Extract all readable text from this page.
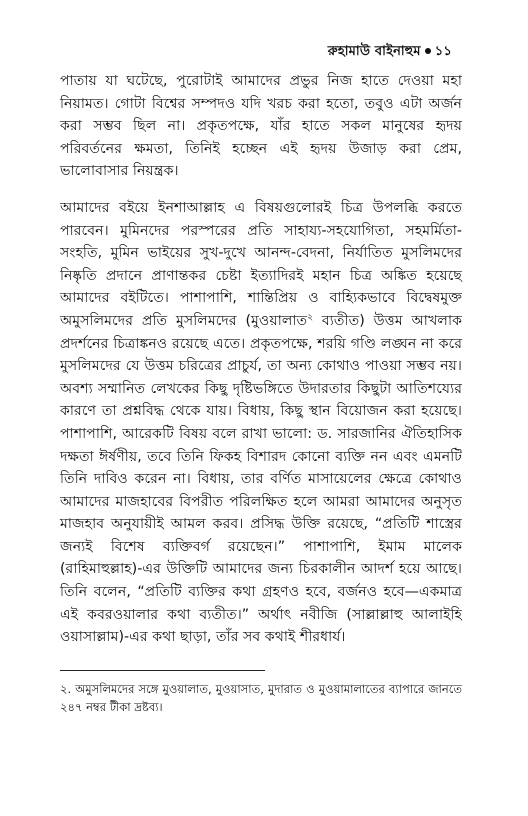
রুহামাউ বাইনাহুম ১১

পাতায় যা ঘটেছে, পুরোটাই আমাদের প্রভুর নিজ হাতে দেওয়া মহা নিয়ামত। গোটা বিশ্বের সম্পদও যদি খরচ করা হতো, তবুও এটা অর্জন করা সম্ভব ছিল না। প্রকৃতপক্ষে, যাঁর হাতে সকল মানুষের হৃদয় পরিবর্তনের ক্ষমতা, তিনিই হচ্ছেন এই হৃদয় উজাড় করা প্রেম, ভালোবাসার নিয়ন্ত্রক।

আমাদের বইয়ে ইনশাআল্লাহ এ বিষয়গুলোরই চিত্র উপলব্ধি করতে পারবেন। মুমিনদের পরস্পরের প্রতি সাহায্য-সহযোগিতা, সহমর্মিতা-সংহতি, মুমিন ভাইয়ের সুখ-দুখে আনন্দ-বেদনা, নির্যাতিত মুসলিমদের নিষ্কৃতি প্রদানে প্রাণান্তকর চেষ্টা ইত্যাদিরই মহান চিত্র অঙ্কিত হয়েছে আমাদের বইটিতে। পাশাপাশি, শান্তিপ্রিয় ও বাহ্যিকভাবে বিদ্বেষমুক্ত অমুসলিমদের প্রতি মুসলিমদের (মুওয়ালাত$^২$ ব্যতীত) উত্তম আখলাক প্রদর্শনের চিত্রাঙ্কনও রয়েছে এতে। প্রকৃতপক্ষে, শরয়ি গণ্ডি লঙ্ঘন না করে মুসলিমদের যে উত্তম চরিত্রের প্রাচুর্য, তা অন্য কোথাও পাওয়া সম্ভব নয়। অবশ্য সম্মানিত লেখকের কিছু দৃষ্টিভঙ্গিতে উদারতার কিছুটা আতিশয্যের কারণে তা প্রশ্নবিদ্ধ থেকে যায়। বিধায়, কিছু স্থান বিয়োজন করা হয়েছে। পাশাপাশি, আরেকটি বিষয় বলে রাখা ভালো: ড. সারজানির ঐতিহাসিক দক্ষতা ঈর্ষণীয়, তবে তিনি ফিকহ বিশারদ কোনো ব্যক্তি নন এবং এমনটি তিনি দাবিও করেন না। বিধায়, তার বর্ণিত মাসায়েলের ক্ষেত্রে কোথাও আমাদের মাজহাবের বিপরীত পরিলক্ষিত হলে আমরা আমাদের অনুসৃত মাজহাব অনুযায়ীই আমল করব। প্রসিদ্ধ উক্তি রয়েছে, “প্রতিটি শাস্ত্রের জন্যই বিশেষ ব্যক্তিবর্গ রয়েছেন।” পাশাপাশি, ইমাম মালেক (রাহিমাহুল্লাহ)-এর উক্তিটি আমাদের জন্য চিরকালীন আদর্শ হয়ে আছে। তিনি বলেন, “প্রতিটি ব্যক্তির কথা গ্রহণও হবে, বর্জনও হবে—একমাত্র এই কবরওয়ালার কথা ব্যতীত।” অর্থাৎ নবীজি (সাল্লাল্লাহু আলাইহি ওয়াসাল্লাম)-এর কথা ছাড়া, তাঁর সব কথাই শীরধার্য।

২. অমুসলিমদের সঙ্গে মুওয়ালাত, মুওয়াসাত, মুদারাত ও মুওয়ামালাতের ব্যাপারে জানতে ২৪৭ নম্বর টীকা দ্রষ্টব্য।
